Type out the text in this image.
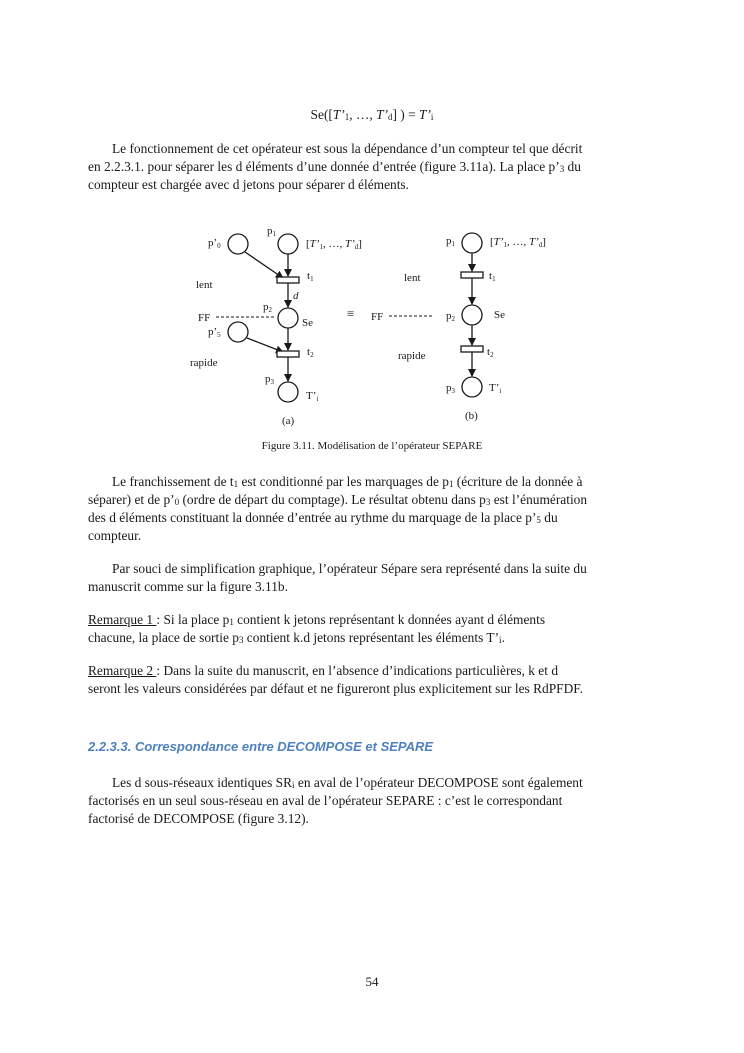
Se([T’1, …, T’d] ) = T’i
Le fonctionnement de cet opérateur est sous la dépendance d’un compteur tel que décrit
en 2.2.3.1. pour séparer les d éléments d’une donnée d’entrée (figure 3.11a). La place p’3 du
compteur est chargée avec d jetons pour séparer d éléments.
p’0
p1
[T’1, …, T’d]
lent
t1
d
p2
Se
FF
p’5
rapide
t2
p3
T’i
(a)
≡
p1	[T’1, …, T’d]
lent	t1
p2	Se
FF
rapide	t2
p3	T’i
(b)
Figure 3.11. Modélisation de l’opérateur SEPARE
Le franchissement de t1 est conditionné par les marquages de p1 (écriture de la donnée à
séparer) et de p’0 (ordre de départ du comptage). Le résultat obtenu dans p3 est l’énumération
des d éléments constituant la donnée d’entrée au rythme du marquage de la place p’5 du
compteur.
Par souci de simplification graphique, l’opérateur Sépare sera représenté dans la suite du
manuscrit comme sur la figure 3.11b.
Remarque 1 : Si la place p1 contient k jetons représentant k données ayant d éléments
chacune, la place de sortie p3 contient k.d jetons représentant les éléments T’i.
Remarque 2 : Dans la suite du manuscrit, en l’absence d’indications particulières, k et d
seront les valeurs considérées par défaut et ne figureront plus explicitement sur les RdPFDF.
2.2.3.3. Correspondance entre DECOMPOSE et SEPARE
Les d sous-réseaux identiques SRi en aval de l’opérateur DECOMPOSE sont également
factorisés en un seul sous-réseau en aval de l’opérateur SEPARE : c’est le correspondant
factorisé de DECOMPOSE (figure 3.12).
54
